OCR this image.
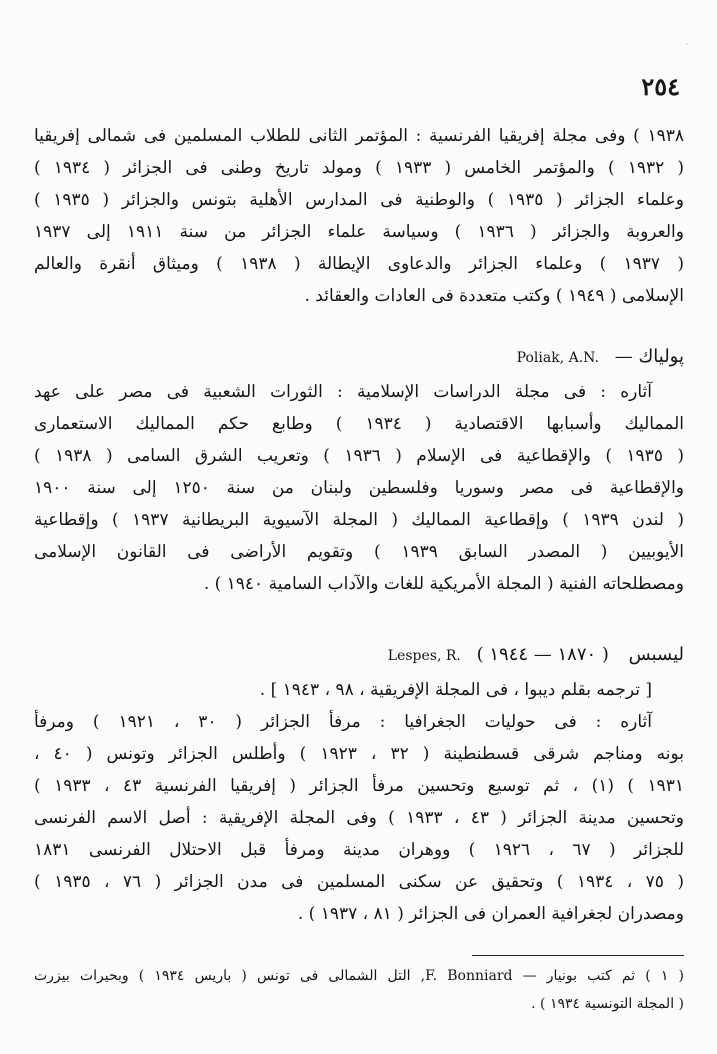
ˋ
٢٥٤
١٩٣٨ ) وفى مجلة إفريقيا الفرنسية : المؤتمر الثانى للطلاب المسلمين فى شمالى إفريقيا
( ١٩٣٢ ) والمؤتمر الخامس ( ١٩٣٣ ) ومولد تاريخ وطنى فى الجزائر ( ١٩٣٤ )
وعلماء الجزائر ( ١٩٣٥ ) والوطنية فى المدارس الأهلية بتونس والجزائر ( ١٩٣٥ )
والعروبة والجزائر ( ١٩٣٦ ) وسياسة علماء الجزائر من سنة ١٩١١ إلى ١٩٣٧
( ١٩٣٧ ) وعلماء الجزائر والدعاوى الإيطالة ( ١٩٣٨ ) وميثاق أنقرة والعالم
الإسلامى ( ١٩٤٩ ) وكتب متعددة فى العادات والعقائد .
پولياك — Poliak, A.N.
آثاره : فى مجلة الدراسات الإسلامية : الثورات الشعبية فى مصر على عهد
المماليك وأسبابها الاقتصادية ( ١٩٣٤ ) وطابع حكم المماليك الاستعمارى
( ١٩٣٥ ) والإقطاعية فى الإسلام ( ١٩٣٦ ) وتعريب الشرق السامى ( ١٩٣٨ )
والإقطاعية فى مصر وسوريا وفلسطين ولبنان من سنة ١٢٥٠ إلى سنة ١٩٠٠
( لندن ١٩٣٩ ) وإقطاعية المماليك ( المجلة الآسيوية البريطانية ١٩٣٧ ) وإقطاعية
الأيوبيين ( المصدر السابق ١٩٣٩ ) وتقويم الأراضى فى القانون الإسلامى
ومصطلحاته الفنية ( المجلة الأمريكية للغات والآداب السامية ١٩٤٠ ) .
ليسبس ( ١٨٧٠ — ١٩٤٤ ) Lespes, R.
[ ترجمه بقلم ديبوا ، فى المجلة الإفريقية ، ٩٨ ، ١٩٤٣ ] .
آثاره : فى حوليات الجغرافيا : مرفأ الجزائر ( ٣٠ ، ١٩٢١ ) ومرفأ
بونه ومناجم شرقى قسطنطينة ( ٣٢ ، ١٩٢٣ ) وأطلس الجزائر وتونس ( ٤٠ ،
١٩٣١ ) (١) ، ثم توسيع وتحسين مرفأ الجزائر ( إفريقيا الفرنسية ٤٣ ، ١٩٣٣ )
وتحسين مدينة الجزائر ( ٤٣ ، ١٩٣٣ ) وفى المجلة الإفريقية : أصل الاسم الفرنسى
للجزائر ( ٦٧ ، ١٩٢٦ ) ووهران مدينة ومرفأ قبل الاحتلال الفرنسى ١٨٣١
( ٧٥ ، ١٩٣٤ ) وتحقيق عن سكنى المسلمين فى مدن الجزائر ( ٧٦ ، ١٩٣٥ )
ومصدران لجغرافية العمران فى الجزائر ( ٨١ ، ١٩٣٧ ) .
( ١ ) ثم كتب بونيار — F. Bonniard, التل الشمالى فى تونس ( باريس ١٩٣٤ ) وبحيرات بيزرت
( المجلة التونسية ١٩٣٤ ) .
